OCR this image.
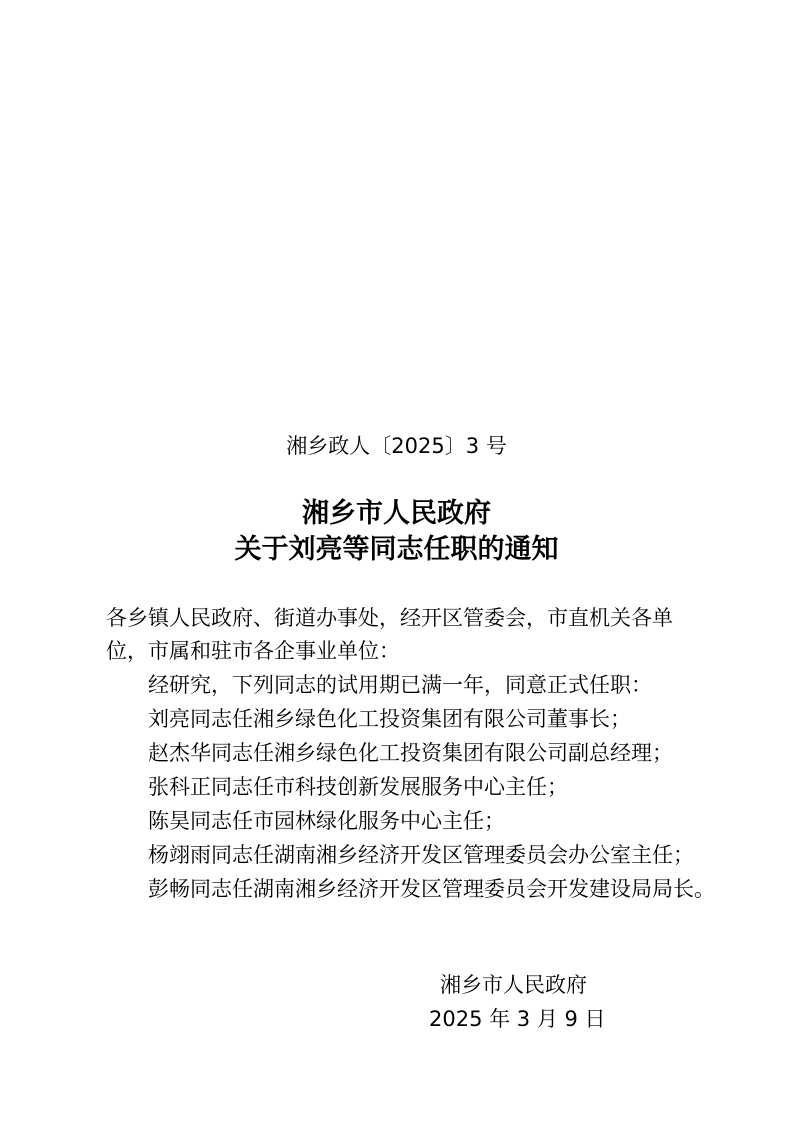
湘乡政人〔2025〕3 号
湘乡市人民政府
关于刘亮等同志任职的通知
各乡镇人民政府、街道办事处，经开区管委会，市直机关各单
位，市属和驻市各企事业单位：
经研究，下列同志的试用期已满一年，同意正式任职：
刘亮同志任湘乡绿色化工投资集团有限公司董事长；
赵杰华同志任湘乡绿色化工投资集团有限公司副总经理；
张科正同志任市科技创新发展服务中心主任；
陈昊同志任市园林绿化服务中心主任；
杨翊雨同志任湖南湘乡经济开发区管理委员会办公室主任；
彭畅同志任湖南湘乡经济开发区管理委员会开发建设局局长。
湘乡市人民政府
2025 年 3 月 9 日
